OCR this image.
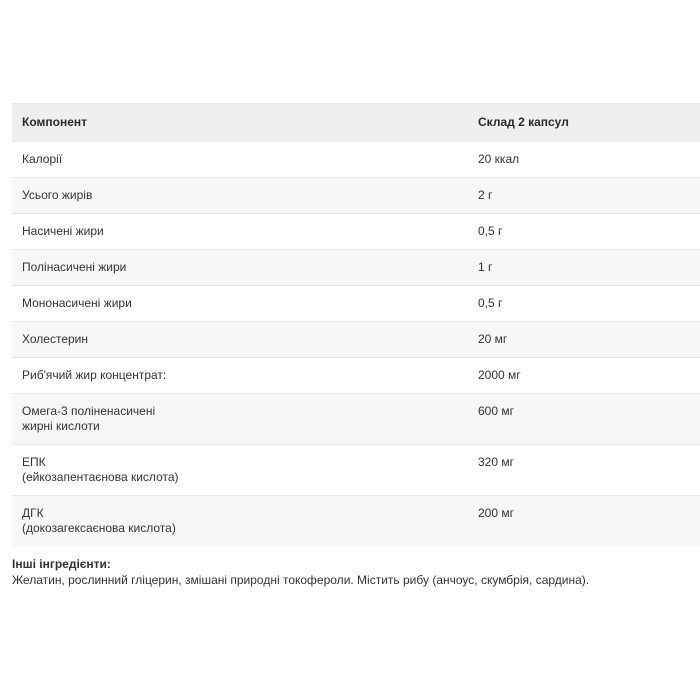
Компонент	Склад 2 капсул

Калорії	20 ккал

Усього жирів	2 г

Насичені жири	0,5 г

Полінасичені жири	1 г

Мононасичені жири	0,5 г

Холестерин	20 мг

Риб'ячий жир концентрат:	2000 мг

Омега-3 поліненасичені
жирні кислоти	600 мг

ЕПК
(ейкозапентаєнова кислота)	320 мг

ДГК
(докозагексаєнова кислота)	200 мг
Інші інгредієнти:
Желатин, рослинний гліцерин, змішані природні токофероли. Містить рибу (анчоус, скумбрія, сардина).
